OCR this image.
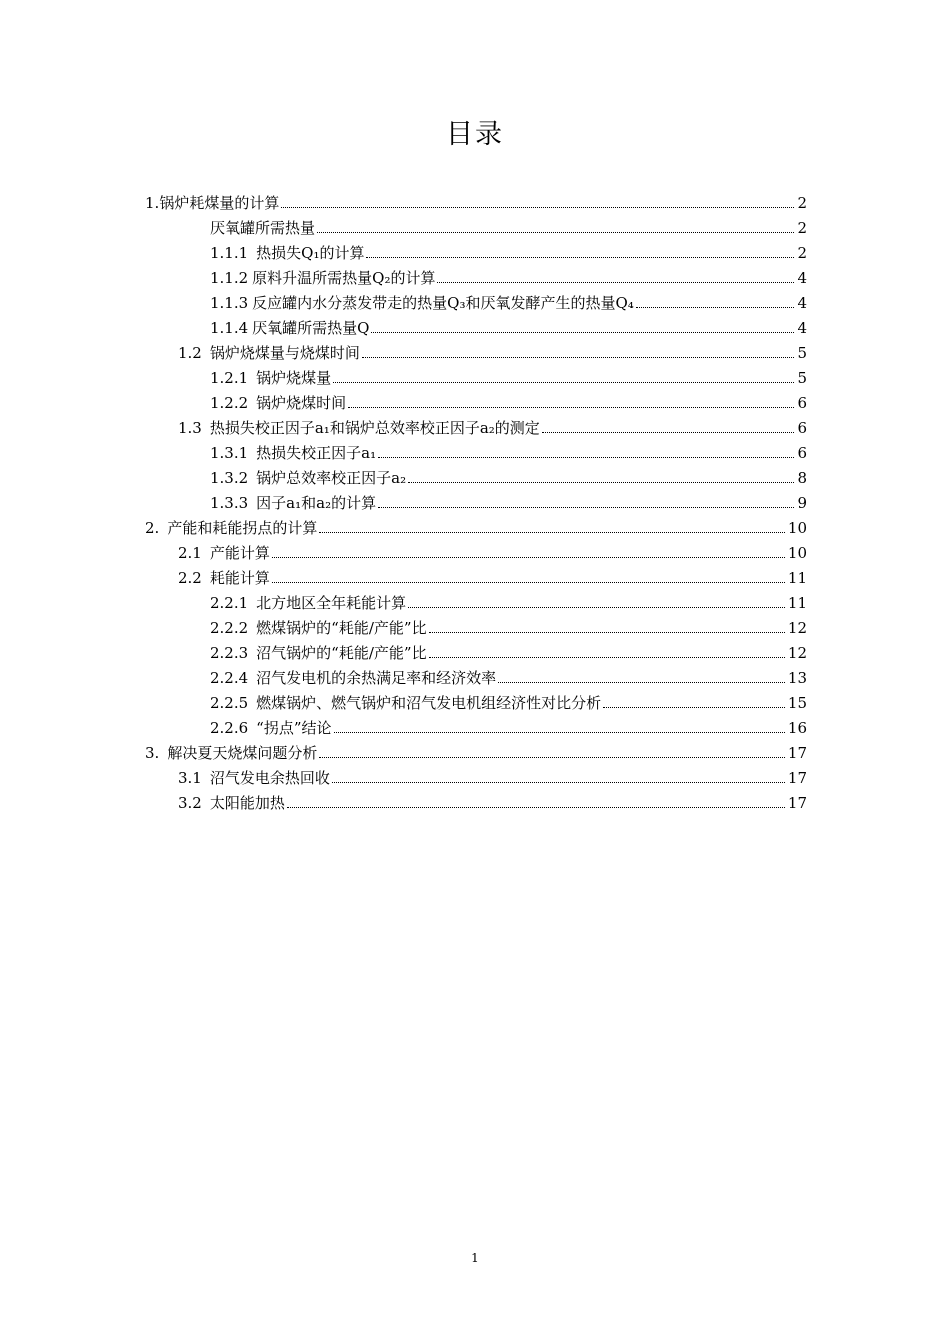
目录
1. 锅炉耗煤量的计算	2
厌氧罐所需热量	2
1.1.1 热损失Q₁的计算	2
1.1.2 原料升温所需热量Q₂的计算	4
1.1.3 反应罐内水分蒸发带走的热量Q₃和厌氧发酵产生的热量Q₄	4
1.1.4 厌氧罐所需热量Q	4
1.2 锅炉烧煤量与烧煤时间	5
1.2.1 锅炉烧煤量	5
1.2.2 锅炉烧煤时间	6
1.3 热损失校正因子a₁和锅炉总效率校正因子a₂的测定	6
1.3.1 热损失校正因子a₁	6
1.3.2 锅炉总效率校正因子a₂	8
1.3.3 因子a₁和a₂的计算	9
2. 产能和耗能拐点的计算	10
2.1 产能计算	10
2.2 耗能计算	11
2.2.1 北方地区全年耗能计算	11
2.2.2 燃煤锅炉的“耗能/产能”比	12
2.2.3 沼气锅炉的“耗能/产能”比	12
2.2.4 沼气发电机的余热满足率和经济效率	13
2.2.5 燃煤锅炉、燃气锅炉和沼气发电机组经济性对比分析	15
2.2.6 “拐点”结论	16
3. 解决夏天烧煤问题分析	17
3.1 沼气发电余热回收	17
3.2 太阳能加热	17
1
